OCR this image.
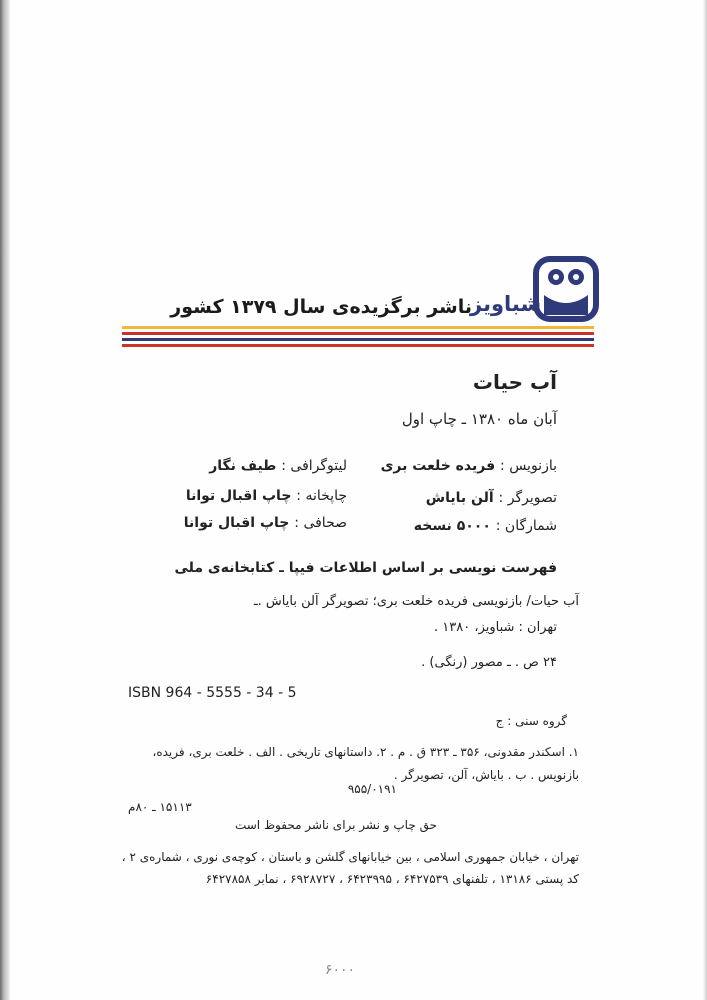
شباویز
ناشر برگزیده‌ی سال ۱۳۷۹ کشور
آب حیات
آبان ماه ۱۳۸۰ ـ چاپ اول
بازنویس : فریده خلعت بری
تصویرگر : آلن بایاش
شمارگان : ۵۰۰۰ نسخه
لیتوگرافی : طیف نگار
چاپخانه : چاپ اقبال توانا
صحافی : چاپ اقبال توانا
فهرست نویسی بر اساس اطلاعات فیپا ـ کتابخانه‌ی ملی
آب حیات/ بازنویسی فریده خلعت بری؛ تصویرگر آلن بایاش .ـ
تهران : شباویز، ۱۳۸۰ .
۲۴ ص . ـ مصور (رنگی) .
ISBN 964 - 5555 - 34 - 5
گروه سنی : ج
۱. اسکندر مقدونی، ۳۵۶ ـ ۳۲۳ ق . م . ۲. داستانهای تاریخی . الف . خلعت بری، فریده،
بازنویس . ب . بایاش، آلن، تصویرگر .
۹۵۵/۰۱۹۱
۱۵۱۱۳ ـ ۸۰م
حق چاپ و نشر برای ناشر محفوظ است
تهران ، خیابان جمهوری اسلامی ، بین خیابانهای گلشن و باستان ، کوچه‌ی نوری ، شماره‌ی ۲ ،
کد پستی ۱۳۱۸۶ ، تلفنهای ۶۴۲۷۵۳۹ ، ۶۴۲۳۹۹۵ ، ۶۹۲۸۷۲۷ ، نمابر ۶۴۲۷۸۵۸
۶۰۰۰
